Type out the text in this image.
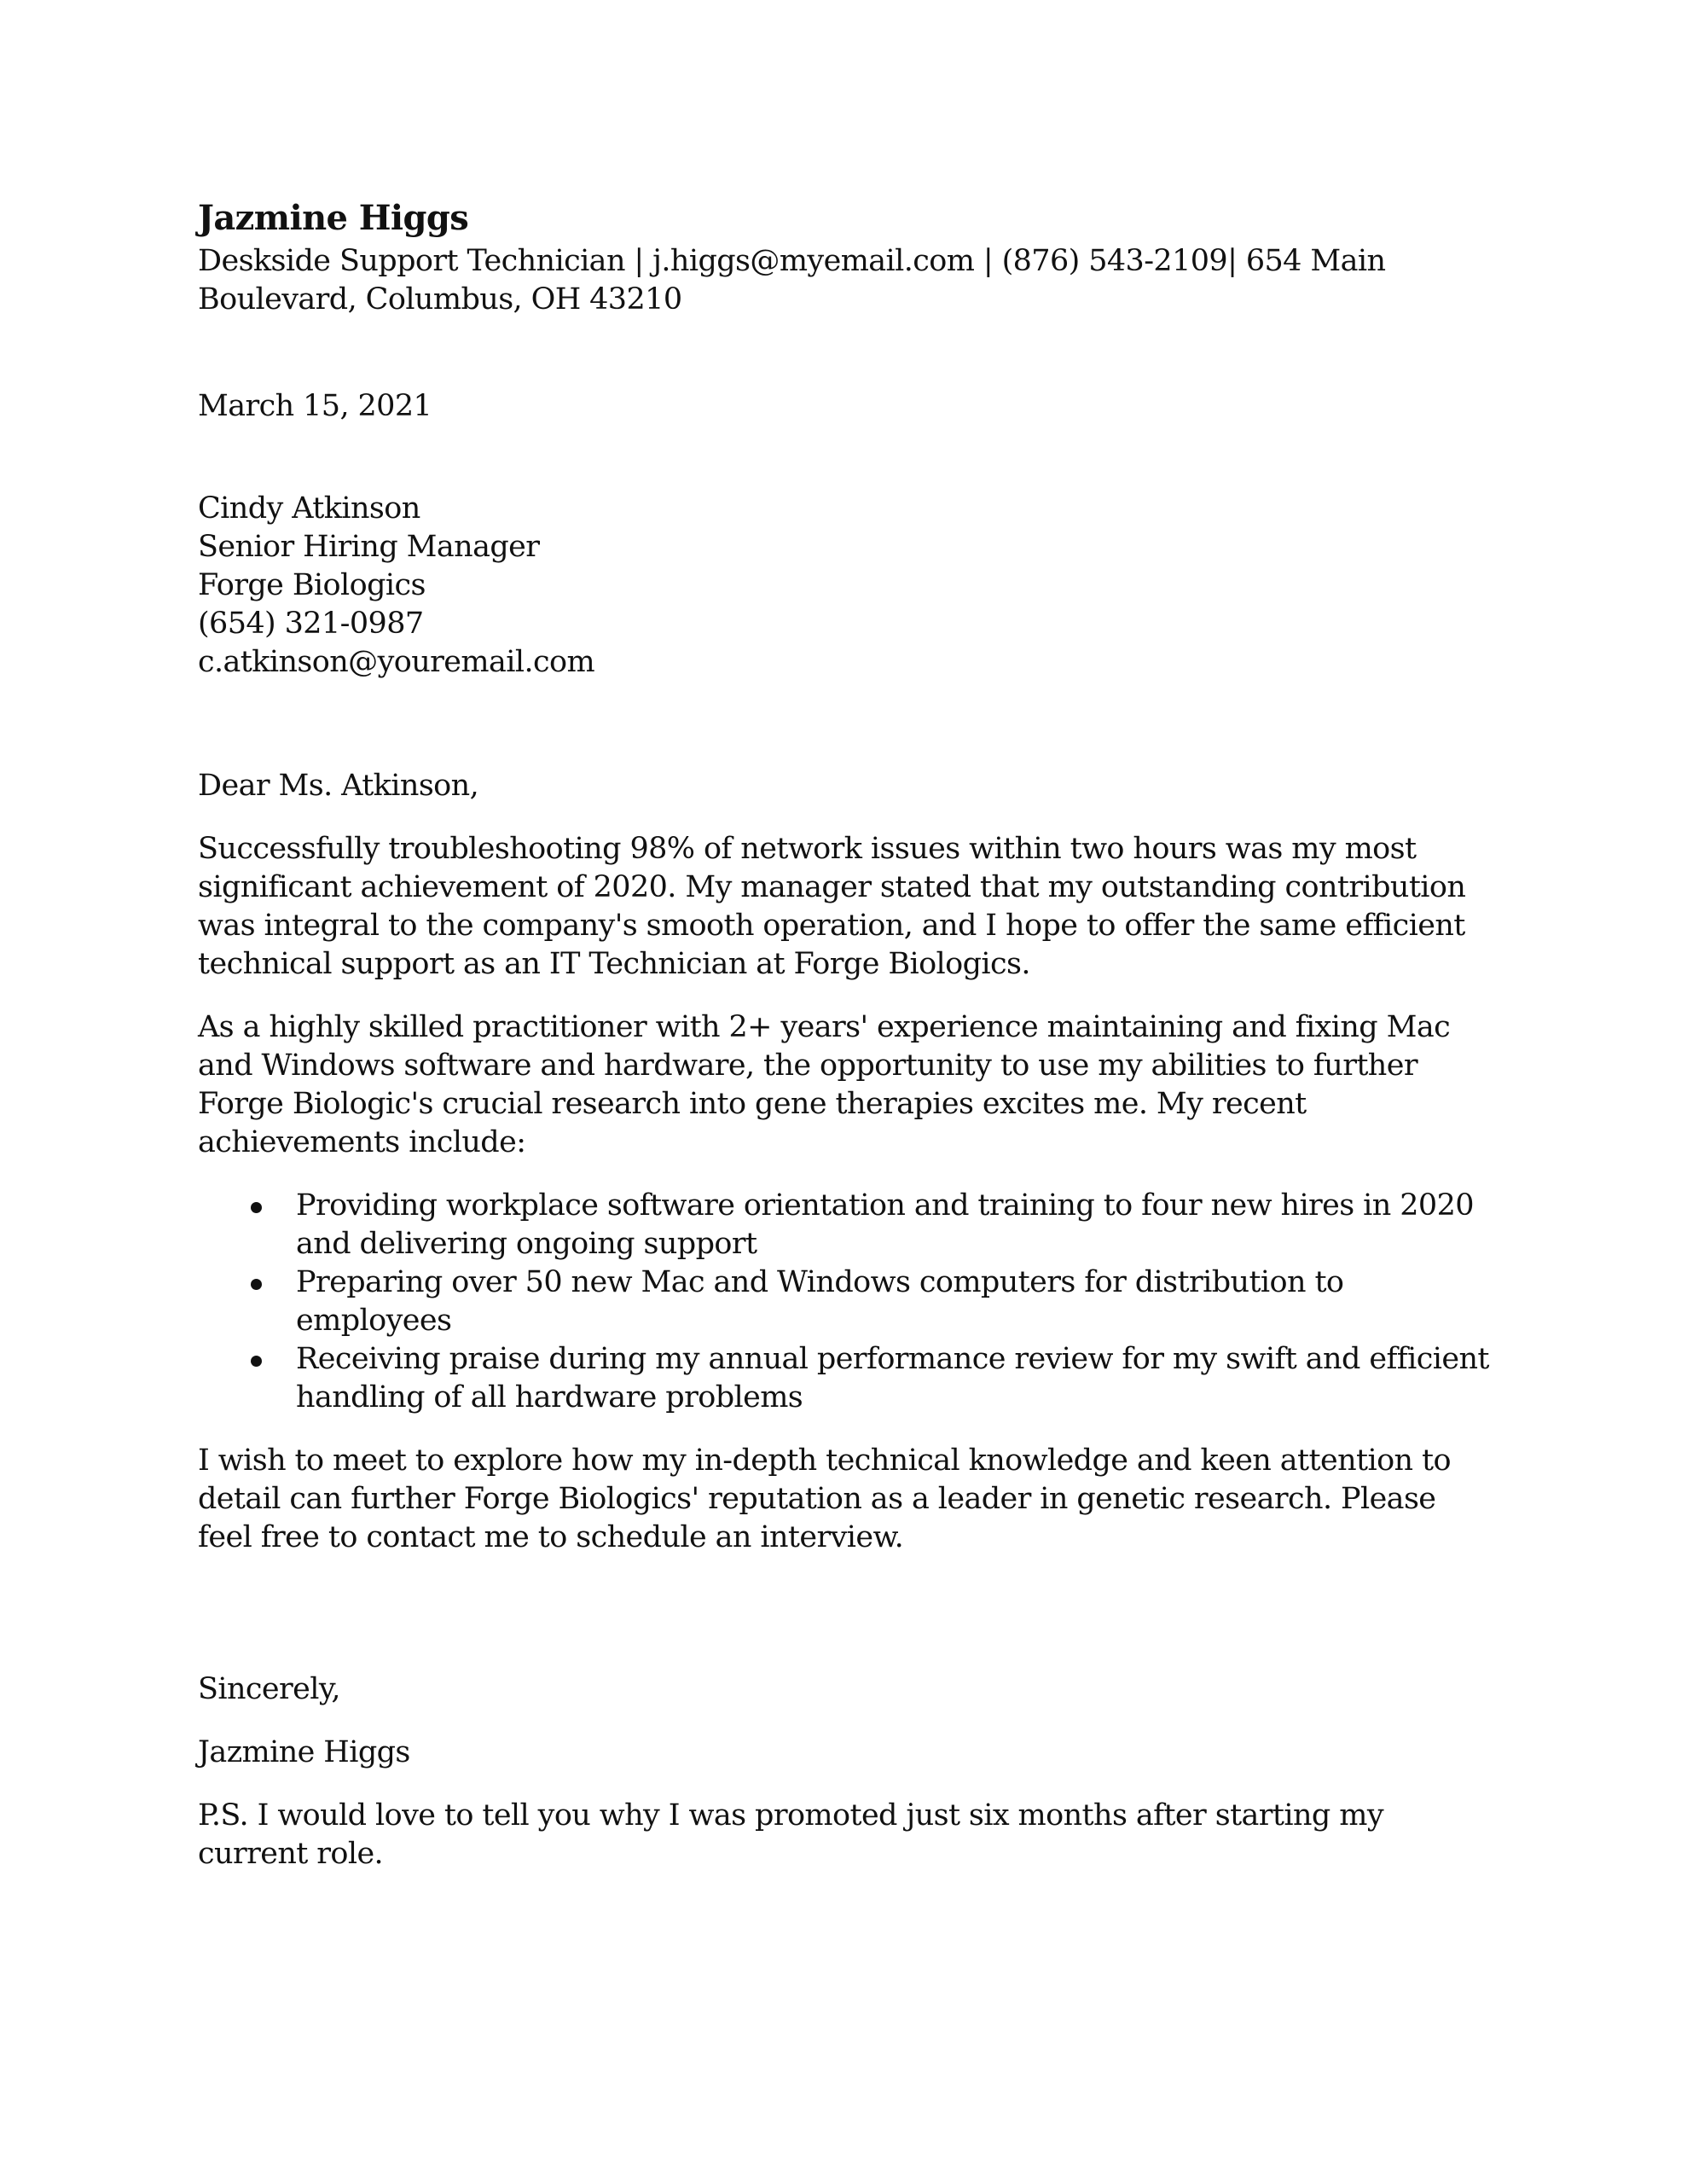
Jazmine Higgs

Deskside Support Technician | j.higgs@myemail.com | (876) 543-2109| 654 Main

Boulevard, Columbus, OH 43210

March 15, 2021

Cindy Atkinson

Senior Hiring Manager

Forge Biologics

(654) 321-0987

c.atkinson@youremail.com

Dear Ms. Atkinson,

Successfully troubleshooting 98% of network issues within two hours was my most significant achievement of 2020. My manager stated that my outstanding contribution was integral to the company's smooth operation, and I hope to offer the same efficient technical support as an IT Technician at Forge Biologics.

As a highly skilled practitioner with 2+ years' experience maintaining and fixing Mac and Windows software and hardware, the opportunity to use my abilities to further Forge Biologic's crucial research into gene therapies excites me. My recent achievements include:

Providing workplace software orientation and training to four new hires in 2020 and delivering ongoing support
Preparing over 50 new Mac and Windows computers for distribution to employees
Receiving praise during my annual performance review for my swift and efficient handling of all hardware problems

I wish to meet to explore how my in-depth technical knowledge and keen attention to detail can further Forge Biologics' reputation as a leader in genetic research. Please feel free to contact me to schedule an interview.

Sincerely,

Jazmine Higgs

P.S. I would love to tell you why I was promoted just six months after starting my current role.
